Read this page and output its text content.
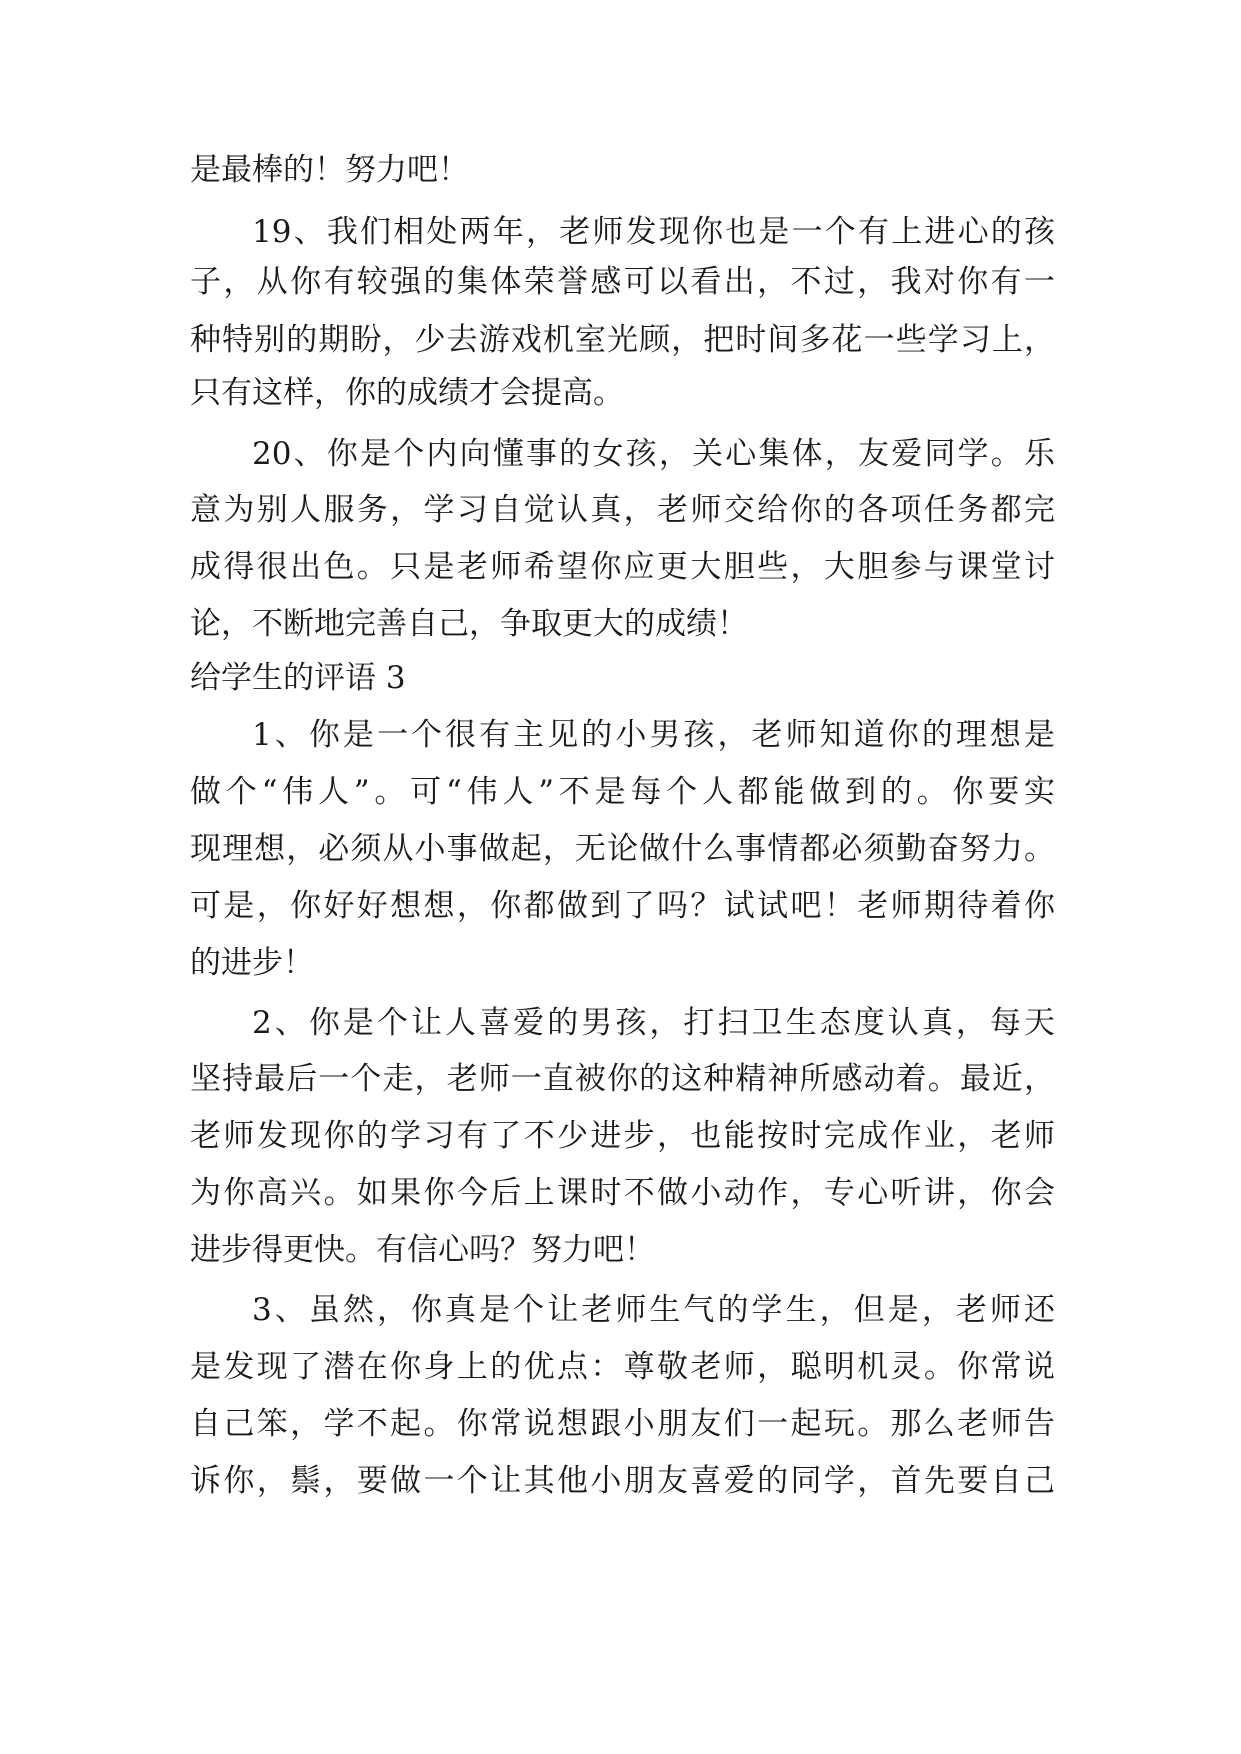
是最棒的！努力吧！
19、我们相处两年，老师发现你也是一个有上进心的孩
子，从你有较强的集体荣誉感可以看出，不过，我对你有一
种特别的期盼，少去游戏机室光顾，把时间多花一些学习上，
只有这样，你的成绩才会提高。
20、你是个内向懂事的女孩，关心集体，友爱同学。乐
意为别人服务，学习自觉认真，老师交给你的各项任务都完
成得很出色。只是老师希望你应更大胆些，大胆参与课堂讨
论，不断地完善自己，争取更大的成绩！
给学生的评语 3
1、你是一个很有主见的小男孩，老师知道你的理想是
做个“伟人”。可“伟人”不是每个人都能做到的。你要实
现理想，必须从小事做起，无论做什么事情都必须勤奋努力。
可是，你好好想想，你都做到了吗？试试吧！老师期待着你
的进步！
2、你是个让人喜爱的男孩，打扫卫生态度认真，每天
坚持最后一个走，老师一直被你的这种精神所感动着。最近，
老师发现你的学习有了不少进步，也能按时完成作业，老师
为你高兴。如果你今后上课时不做小动作，专心听讲，你会
进步得更快。有信心吗？努力吧！
3、虽然，你真是个让老师生气的学生，但是，老师还
是发现了潜在你身上的优点：尊敬老师，聪明机灵。你常说
自己笨，学不起。你常说想跟小朋友们一起玩。那么老师告
诉你，鬃，要做一个让其他小朋友喜爱的同学，首先要自己
